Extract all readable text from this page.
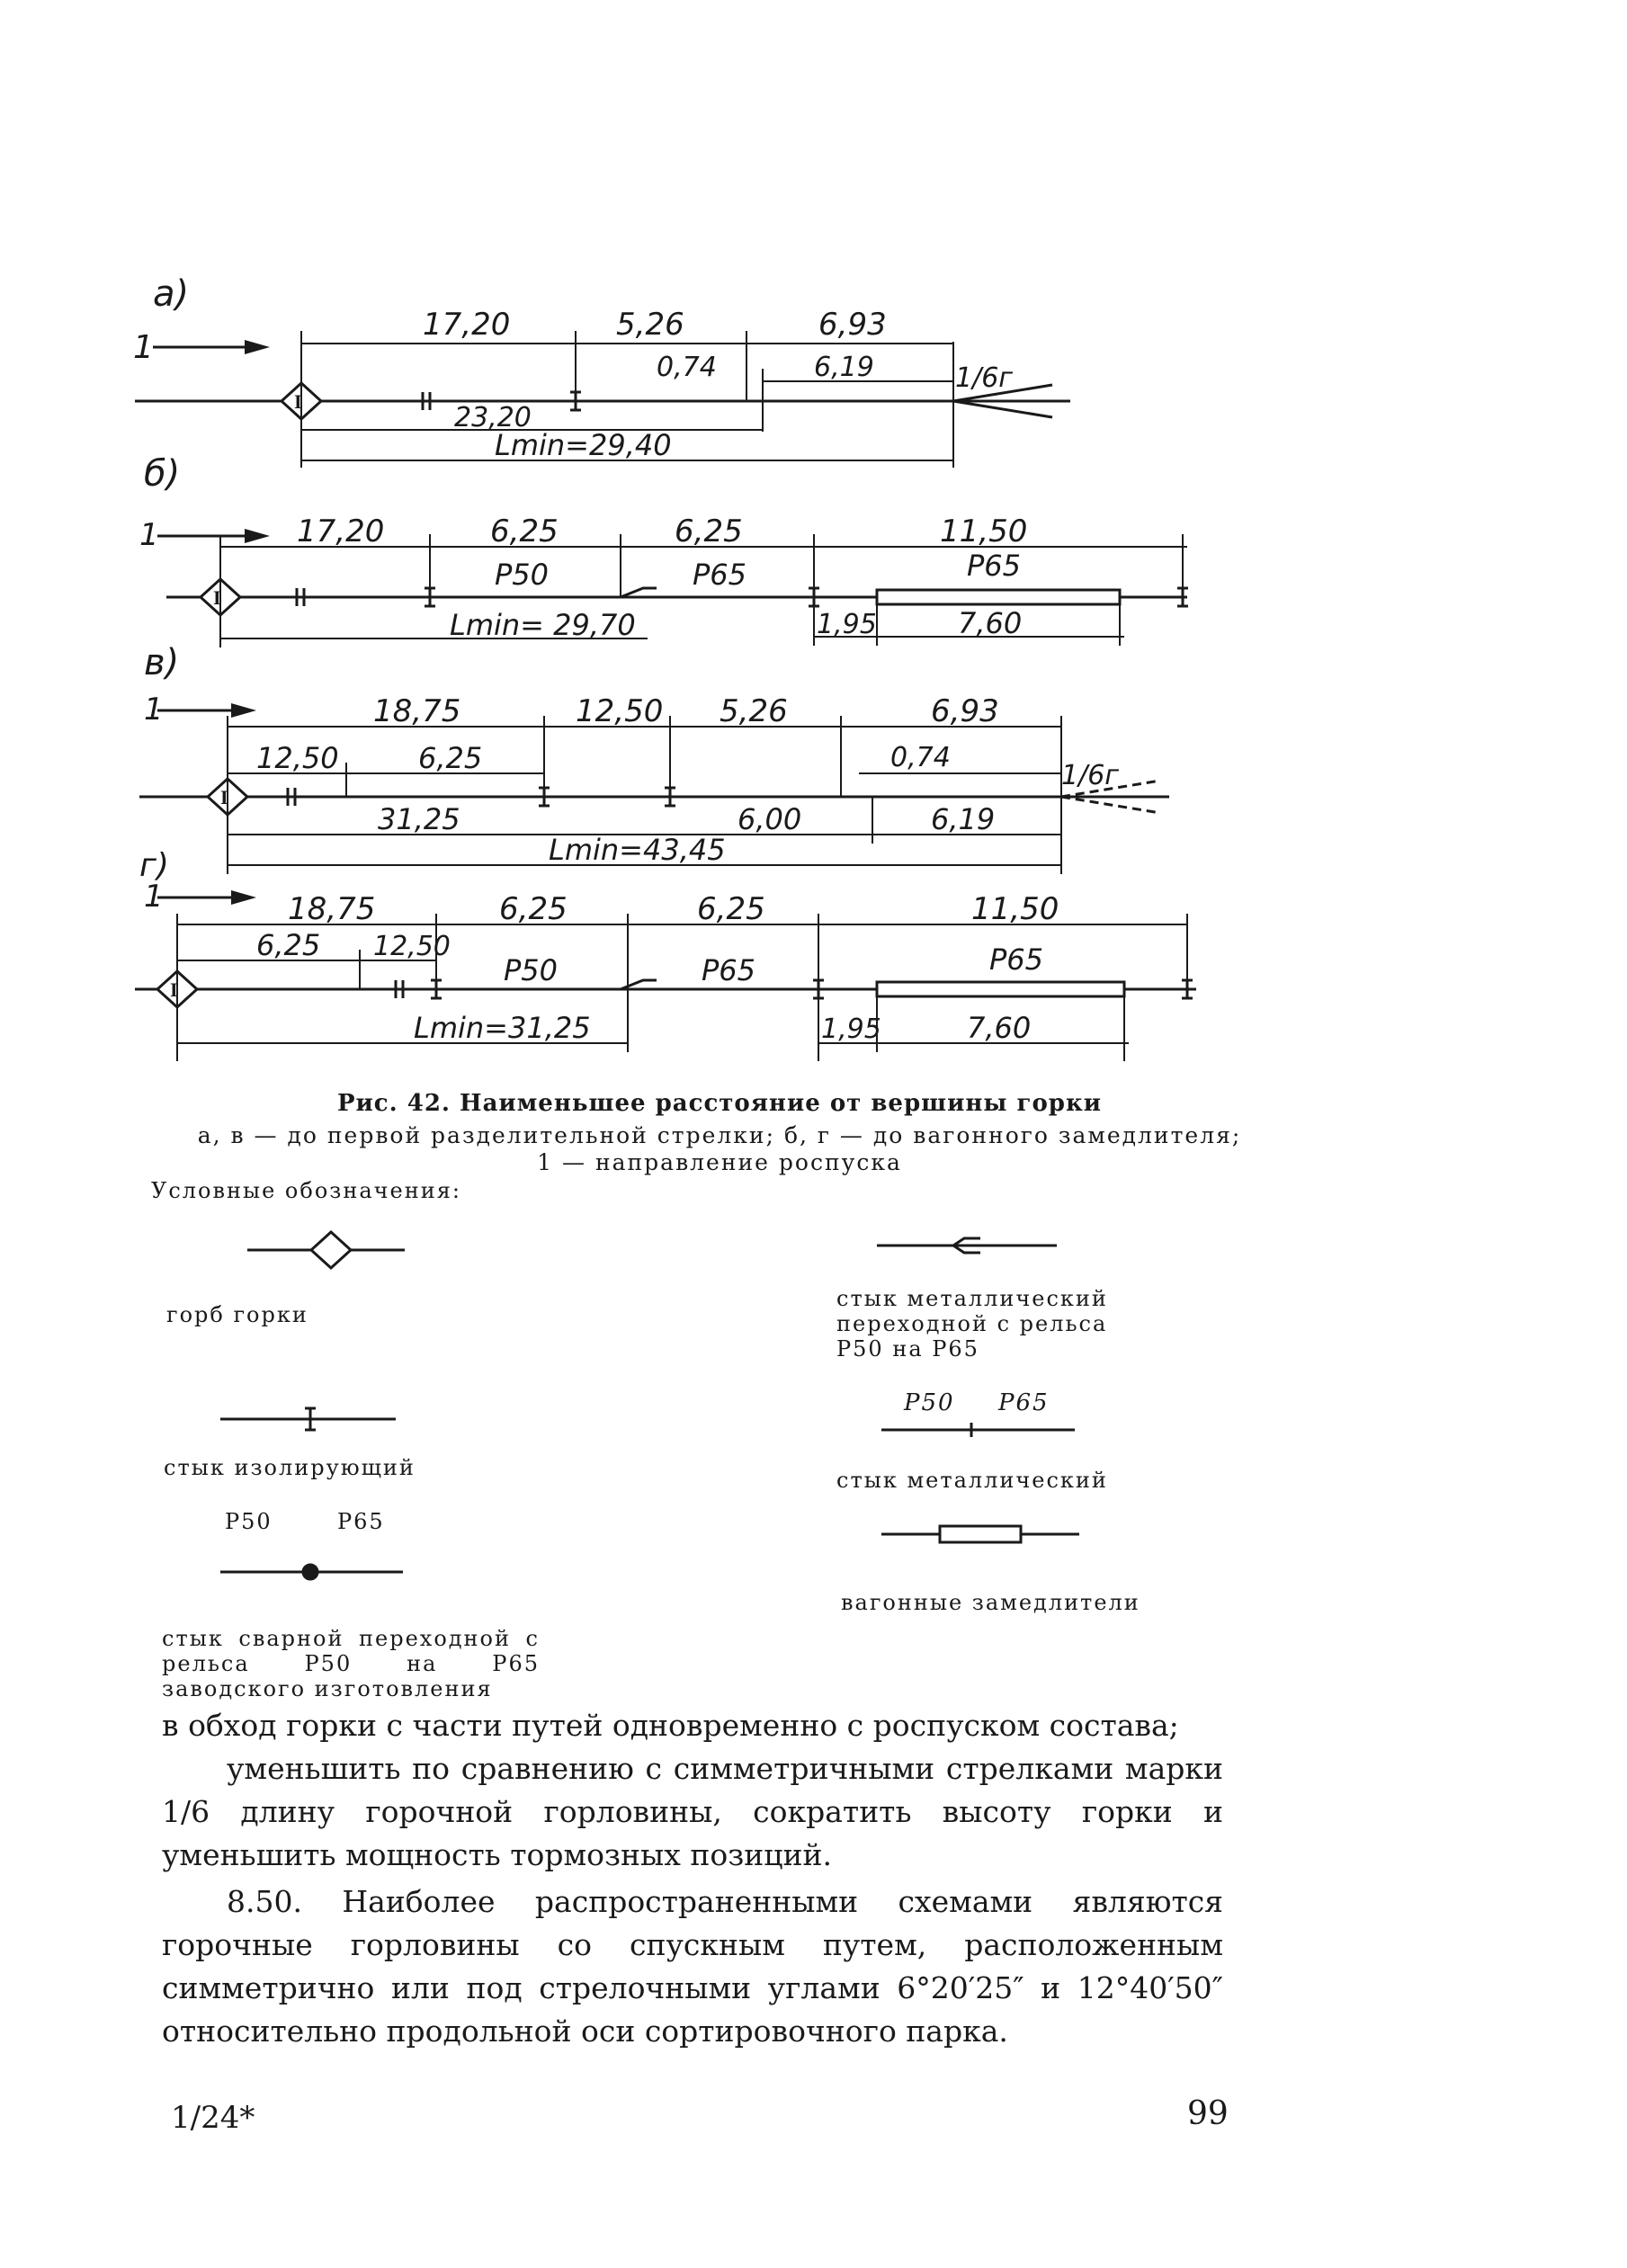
a)
1
I
17,20	5,26	6,93
0,74	6,19	1/6г
23,20
Lmin=29,40
б)
1
I
17,20	6,25	6,25	11,50
P50	P65	P65
Lmin= 29,70	1,95	7,60
в)
1
I
18,75	12,50 5,26	6,93
12,50	6,25	0,74
1/6г
31,25	6,00	6,19
Lmin=43,45
г)
1
I
18,75	6,25	6,25	11,50
6,25 12,50
P50	P65	P65
Lmin=31,25	1,95	7,60
Рис. 42. Наименьшее расстояние от вершины горки
а, в — до первой разделительной стрелки; б, г — до вагонного замедлителя;
1 — направление роспуска
Условные обозначения:
горб горки
стык изолирующий
P50	P65
стык сварной переходной с рельса P50 на P65 заводского изготовления
стык металлический переходной с рельса P50 на P65
P50 P65
стык металлический
вагонные замедлители

в обход горки с части путей одновременно с роспуском состава;

уменьшить по сравнению с симметричными стрелками марки 1/6 длину горочной горловины, сократить высоту горки и уменьшить мощность тормозных позиций.

8.50. Наиболее распространенными схемами являются горочные горловины со спускным путем, расположенным симметрично или под стрелочными углами 6°20′25″ и 12°40′50″ относительно продольной оси сортировочного парка.

1/24*	99
